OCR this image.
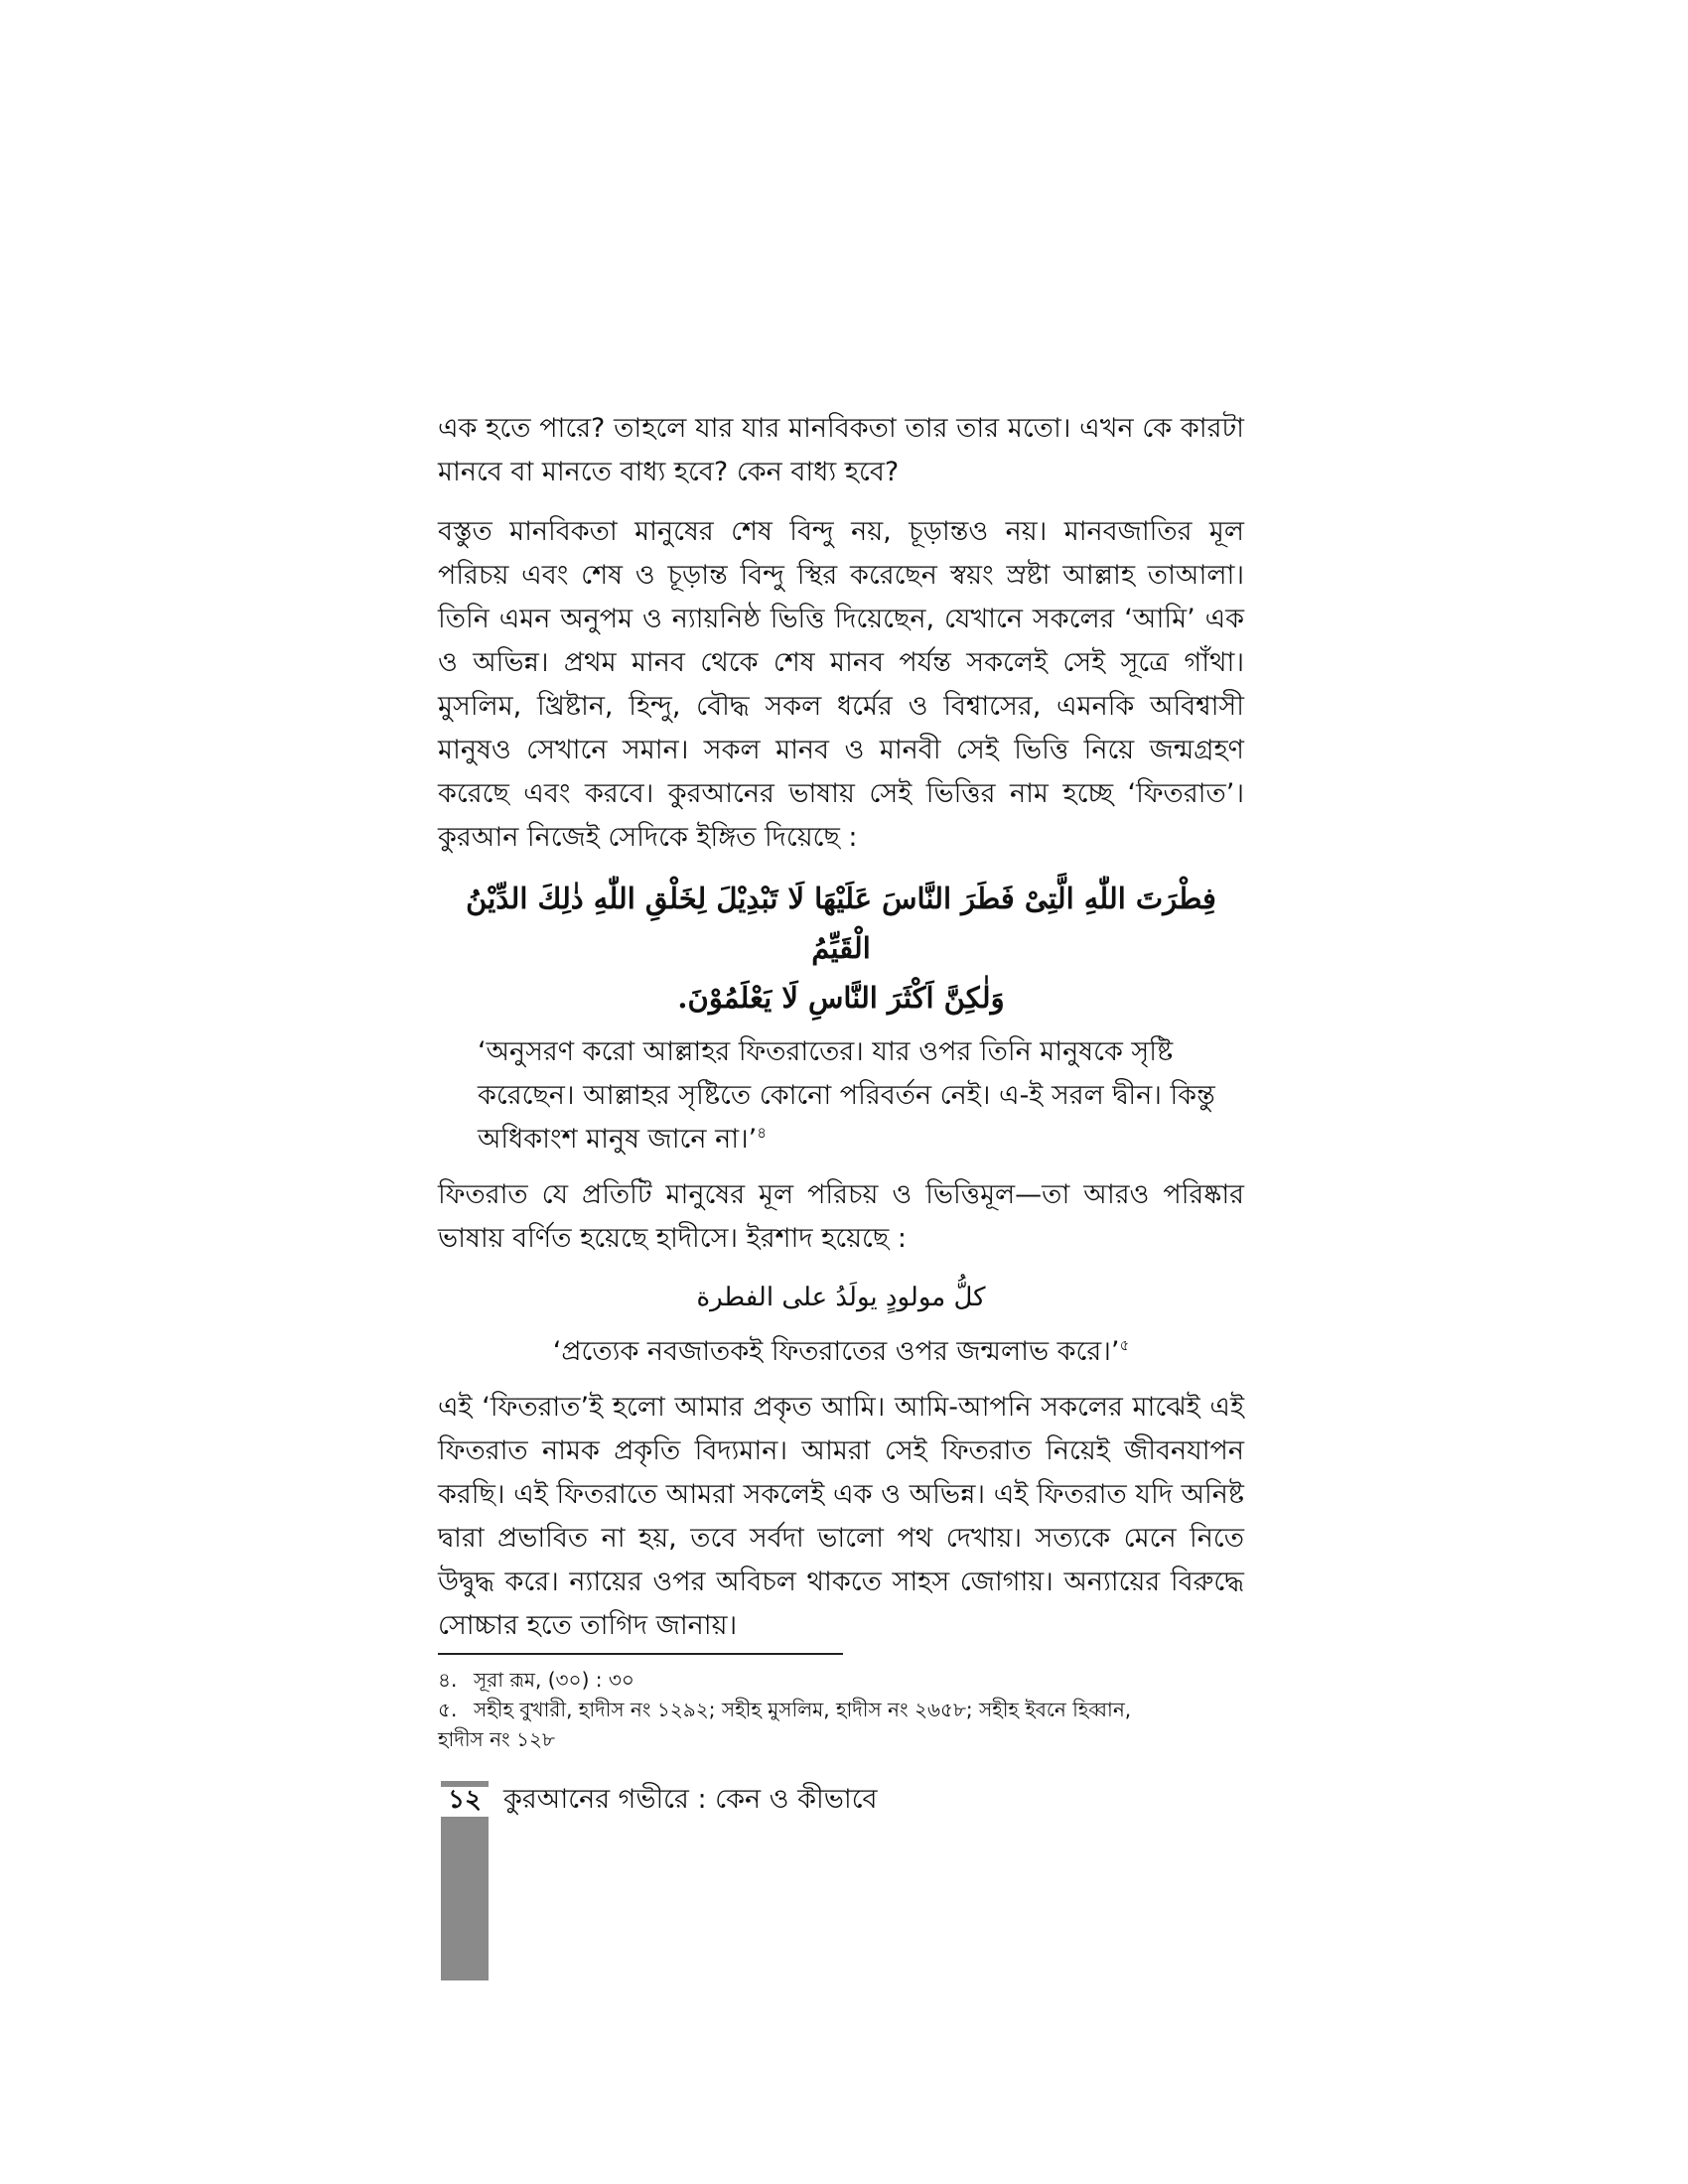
এক হতে পারে? তাহলে যার যার মানবিকতা তার তার মতো। এখন কে কারটা মানবে বা মানতে বাধ্য হবে? কেন বাধ্য হবে?

বস্তুত মানবিকতা মানুষের শেষ বিন্দু নয়, চূড়ান্তও নয়। মানবজাতির মূল পরিচয় এবং শেষ ও চূড়ান্ত বিন্দু স্থির করেছেন স্বয়ং স্রষ্টা আল্লাহ তাআলা। তিনি এমন অনুপম ও ন্যায়নিষ্ঠ ভিত্তি দিয়েছেন, যেখানে সকলের ‘আমি’ এক ও অভিন্ন। প্রথম মানব থেকে শেষ মানব পর্যন্ত সকলেই সেই সূত্রে গাঁথা। মুসলিম, খ্রিষ্টান, হিন্দু, বৌদ্ধ সকল ধর্মের ও বিশ্বাসের, এমনকি অবিশ্বাসী মানুষও সেখানে সমান। সকল মানব ও মানবী সেই ভিত্তি নিয়ে জন্মগ্রহণ করেছে এবং করবে। কুরআনের ভাষায় সেই ভিত্তির নাম হচ্ছে ‘ফিতরাত’। কুরআন নিজেই সেদিকে ইঙ্গিত দিয়েছে :

فِطْرَتَ اللّٰهِ الَّتِىْ فَطَرَ النَّاسَ عَلَيْهَا لَا تَبْدِيْلَ لِخَلْقِ اللّٰهِ ذٰلِكَ الدِّيْنُ الْقَيِّمُ
وَلٰكِنَّ اَكْثَرَ النَّاسِ لَا يَعْلَمُوْنَ.

‘অনুসরণ করো আল্লাহর ফিতরাতের। যার ওপর তিনি মানুষকে সৃষ্টি করেছেন। আল্লাহর সৃষ্টিতে কোনো পরিবর্তন নেই। এ-ই সরল দ্বীন। কিন্তু অধিকাংশ মানুষ জানে না।’$^৪$

ফিতরাত যে প্রতিটি মানুষের মূল পরিচয় ও ভিত্তিমূল—তা আরও পরিষ্কার ভাষায় বর্ণিত হয়েছে হাদীসে। ইরশাদ হয়েছে :

كلُّ مولودٍ يولَدُ على الفطرة

‘প্রত্যেক নবজাতকই ফিতরাতের ওপর জন্মলাভ করে।’$^৫$

এই ‘ফিতরাত’ই হলো আমার প্রকৃত আমি। আমি-আপনি সকলের মাঝেই এই ফিতরাত নামক প্রকৃতি বিদ্যমান। আমরা সেই ফিতরাত নিয়েই জীবনযাপন করছি। এই ফিতরাতে আমরা সকলেই এক ও অভিন্ন। এই ফিতরাত যদি অনিষ্ট দ্বারা প্রভাবিত না হয়, তবে সর্বদা ভালো পথ দেখায়। সত্যকে মেনে নিতে উদ্বুদ্ধ করে। ন্যায়ের ওপর অবিচল থাকতে সাহস জোগায়। অন্যায়ের বিরুদ্ধে সোচ্চার হতে তাগিদ জানায়।

৪. সূরা রূম, (৩০) : ৩০
৫. সহীহ বুখারী, হাদীস নং ১২৯২; সহীহ মুসলিম, হাদীস নং ২৬৫৮; সহীহ ইবনে হিব্বান,
হাদীস নং ১২৮
১২ কুরআনের গভীরে : কেন ও কীভাবে
